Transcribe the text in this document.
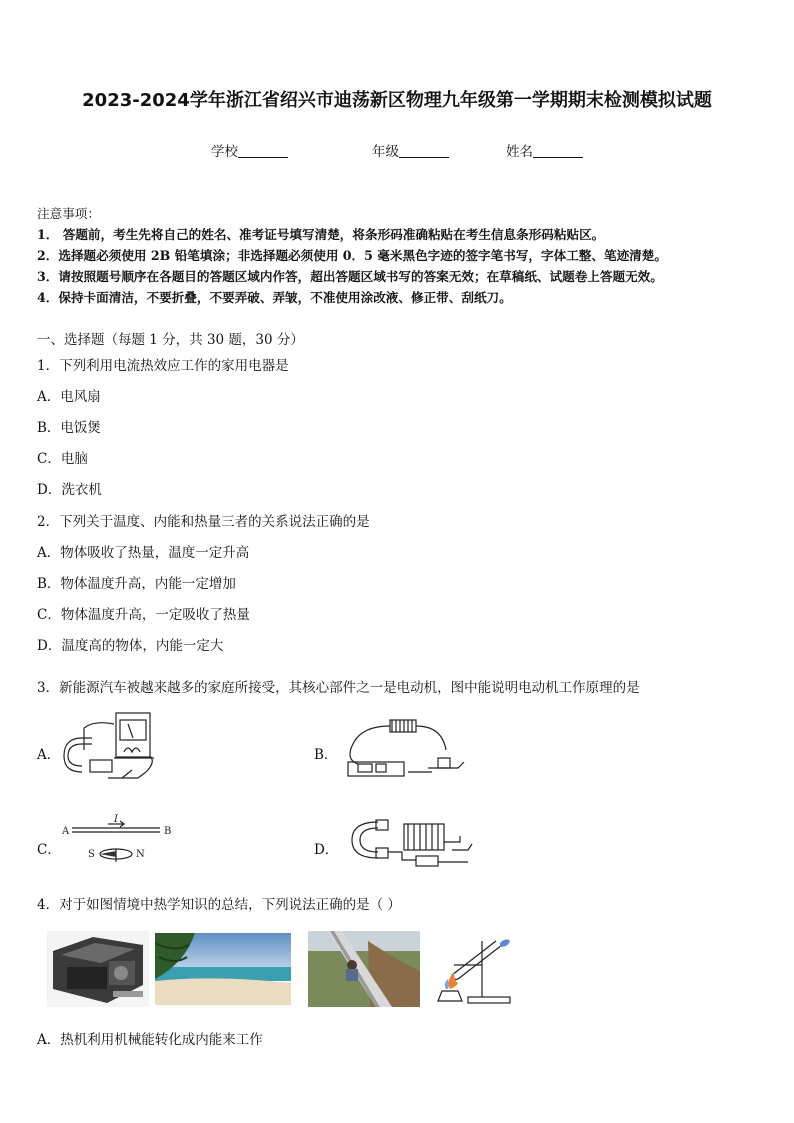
2023-2024学年浙江省绍兴市迪荡新区物理九年级第一学期期末检测模拟试题
学校	年级	姓名
注意事项：
1． 答题前，考生先将自己的姓名、准考证号填写清楚，将条形码准确粘贴在考生信息条形码粘贴区。
2．选择题必须使用 2B 铅笔填涂；非选择题必须使用 0．5 毫米黑色字迹的签字笔书写，字体工整、笔迹清楚。
3．请按照题号顺序在各题目的答题区域内作答，超出答题区域书写的答案无效；在草稿纸、试题卷上答题无效。
4．保持卡面清洁，不要折叠，不要弄破、弄皱，不准使用涂改液、修正带、刮纸刀。
一、选择题（每题 1 分，共 30 题，30 分）
1．下列利用电流热效应工作的家用电器是
A．电风扇
B．电饭煲
C．电脑
D．洗衣机
2．下列关于温度、内能和热量三者的关系说法正确的是
A．物体吸收了热量，温度一定升高
B．物体温度升高，内能一定增加
C．物体温度升高，一定吸收了热量
D．温度高的物体，内能一定大
3．新能源汽车被越来越多的家庭所接受，其核心部件之一是电动机，图中能说明电动机工作原理的是
A．	B．
C．
A	B
I
S	N	D．
4．对于如图情境中热学知识的总结，下列说法正确的是（ ）
A．热机利用机械能转化成内能来工作
